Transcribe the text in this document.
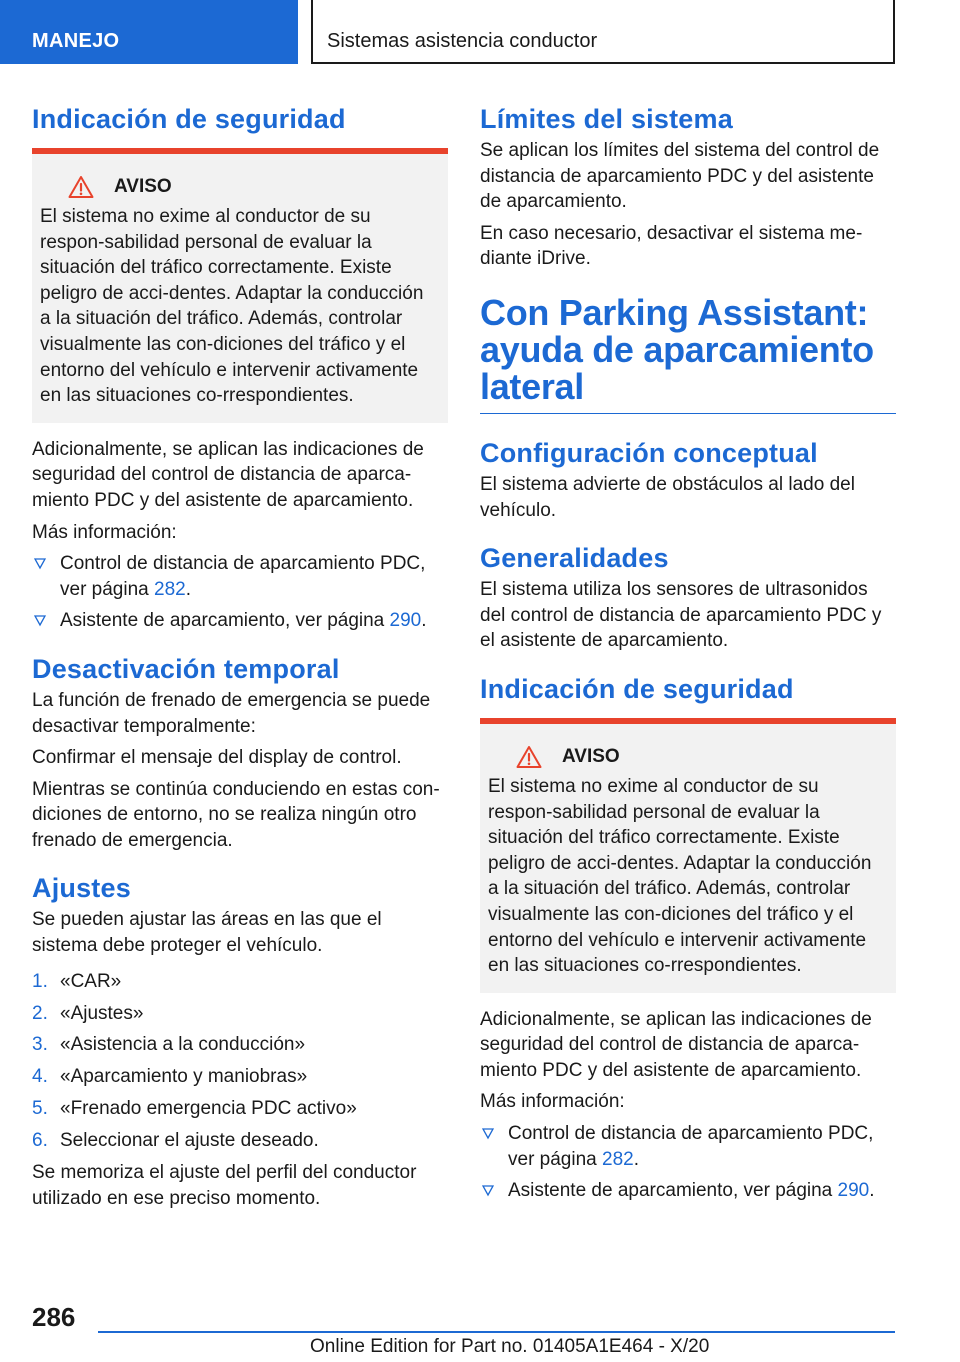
MANEJO	Sistemas asistencia conductor
Indicación de seguridad
AVISO

El sistema no exime al conductor de su respon-sabilidad personal de evaluar la situación del tráfico correctamente. Existe peligro de acci-dentes. Adaptar la conducción a la situación del tráfico. Además, controlar visualmente las con-diciones del tráfico y el entorno del vehículo e intervenir activamente en las situaciones co-rrespondientes.

Adicionalmente, se aplican las indicaciones de seguridad del control de distancia de aparca-miento PDC y del asistente de aparcamiento.

Más información:

Control de distancia de aparcamiento PDC, ver página 282.
Asistente de aparcamiento, ver página 290.
Desactivación temporal

La función de frenado de emergencia se puede desactivar temporalmente:

Confirmar el mensaje del display de control.

Mientras se continúa conduciendo en estas con-diciones de entorno, no se realiza ningún otro frenado de emergencia.

Ajustes

Se pueden ajustar las áreas en las que el sistema debe proteger el vehículo.

1. «CAR»
2. «Ajustes»
3. «Asistencia a la conducción»
4. «Aparcamiento y maniobras»
5. «Frenado emergencia PDC activo»
6. Seleccionar el ajuste deseado.

Se memoriza el ajuste del perfil del conductor utilizado en ese preciso momento.

Límites del sistema

Se aplican los límites del sistema del control de distancia de aparcamiento PDC y del asistente de aparcamiento.

En caso necesario, desactivar el sistema me-diante iDrive.

Con Parking Assistant: ayuda de aparcamiento lateral
Configuración conceptual

El sistema advierte de obstáculos al lado del vehículo.

Generalidades

El sistema utiliza los sensores de ultrasonidos del control de distancia de aparcamiento PDC y el asistente de aparcamiento.

Indicación de seguridad
AVISO

El sistema no exime al conductor de su respon-sabilidad personal de evaluar la situación del tráfico correctamente. Existe peligro de acci-dentes. Adaptar la conducción a la situación del tráfico. Además, controlar visualmente las con-diciones del tráfico y el entorno del vehículo e intervenir activamente en las situaciones co-rrespondientes.

Adicionalmente, se aplican las indicaciones de seguridad del control de distancia de aparca-miento PDC y del asistente de aparcamiento.

Más información:

Control de distancia de aparcamiento PDC, ver página 282.
Asistente de aparcamiento, ver página 290.
286
Online Edition for Part no. 01405A1E464 - X/20
